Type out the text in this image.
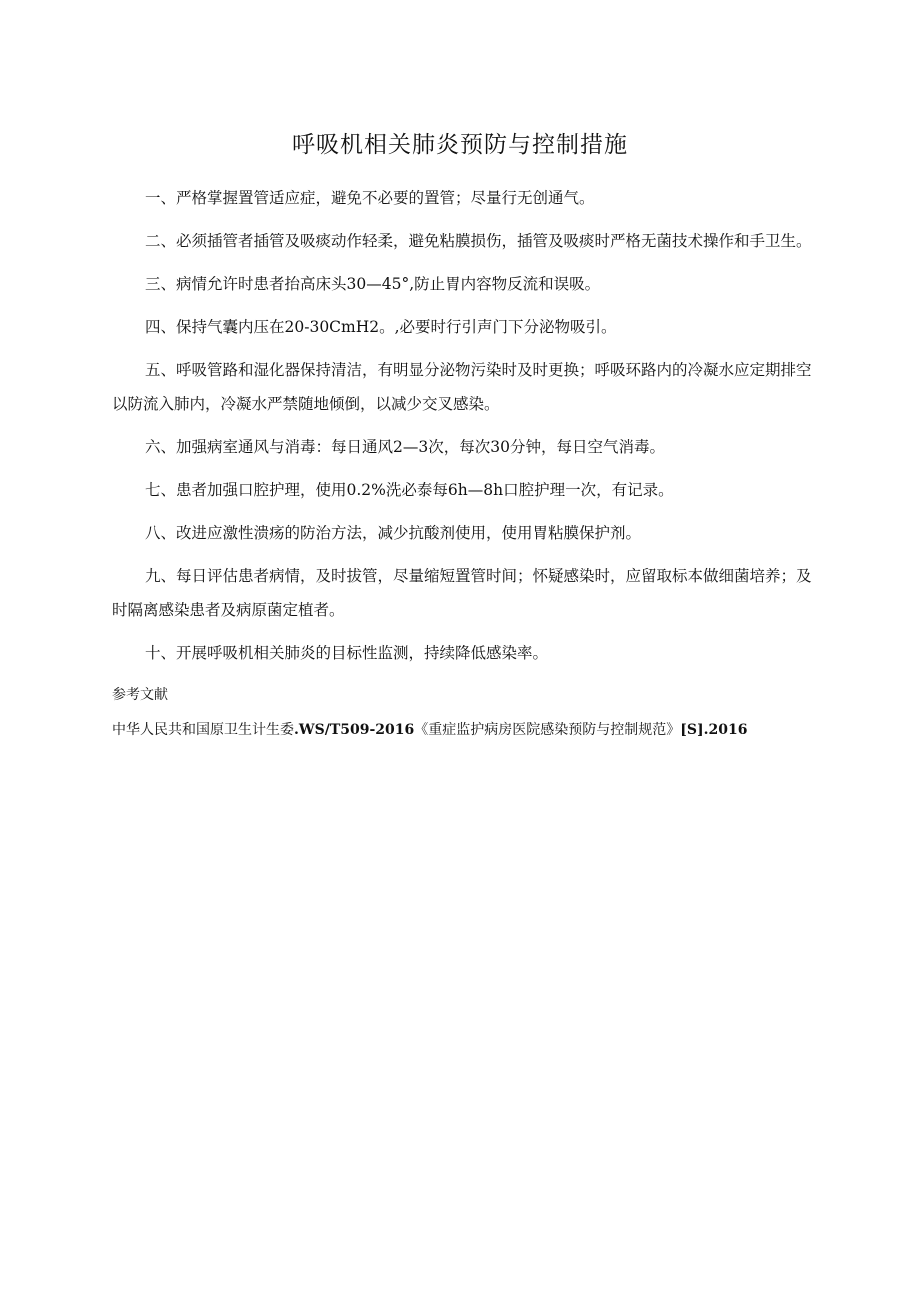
呼吸机相关肺炎预防与控制措施

一、严格掌握置管适应症，避免不必要的置管；尽量行无创通气。

二、必须插管者插管及吸痰动作轻柔，避免粘膜损伤，插管及吸痰时严格无菌技术操作和手卫生。

三、病情允许时患者抬高床头30—45°,防止胃内容物反流和误吸。

四、保持气囊内压在20-30CmH2。,必要时行引声门下分泌物吸引。

五、呼吸管路和湿化器保持清洁，有明显分泌物污染时及时更换；呼吸环路内的冷凝水应定期排空以防流入肺内，冷凝水严禁随地倾倒，以减少交叉感染。

六、加强病室通风与消毒：每日通风2—3次，每次30分钟，每日空气消毒。

七、患者加强口腔护理，使用0.2%洗必泰每6h—8h口腔护理一次，有记录。

八、改进应激性溃疡的防治方法，减少抗酸剂使用，使用胃粘膜保护剂。

九、每日评估患者病情，及时拔管，尽量缩短置管时间；怀疑感染时，应留取标本做细菌培养；及时隔离感染患者及病原菌定植者。

十、开展呼吸机相关肺炎的目标性监测，持续降低感染率。

参考文献
中华人民共和国原卫生计生委.WS/T509-2016《重症监护病房医院感染预防与控制规范》[S].2016
